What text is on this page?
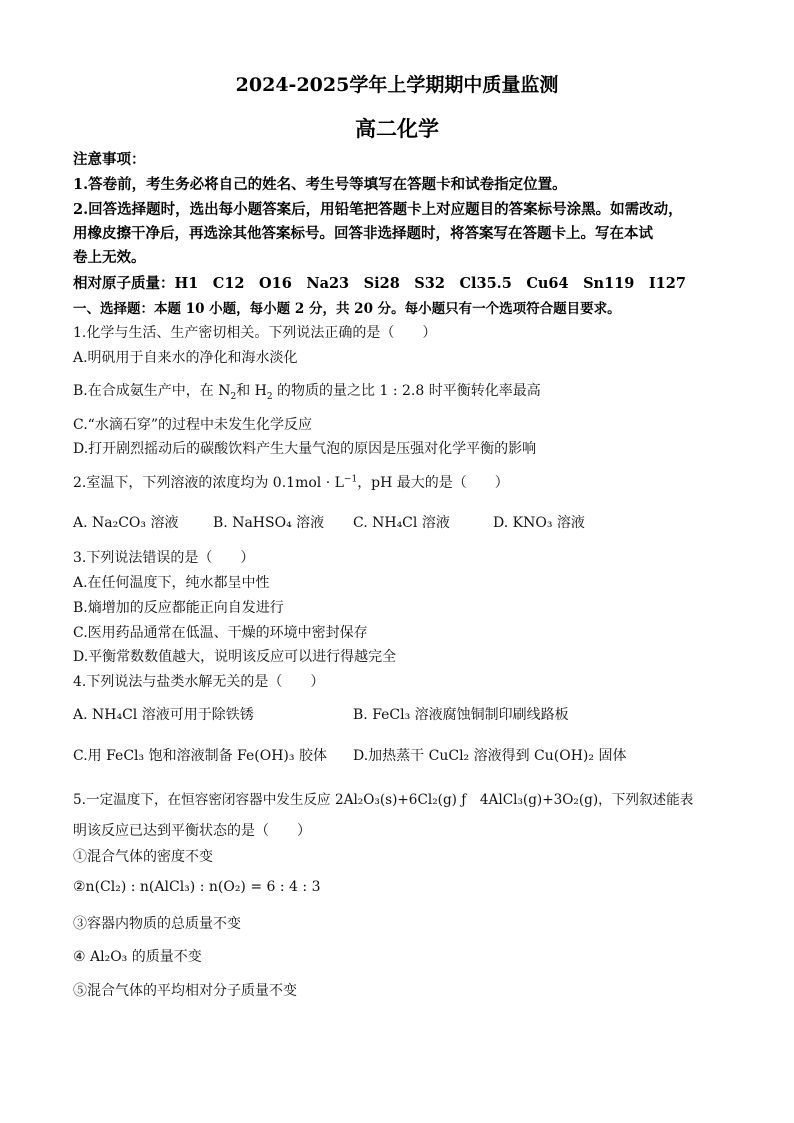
2024-2025学年上学期期中质量监测
高二化学
注意事项：
1.答卷前，考生务必将自己的姓名、考生号等填写在答题卡和试卷指定位置。
2.回答选择题时，选出每小题答案后，用铅笔把答题卡上对应题目的答案标号涂黑。如需改动，
用橡皮擦干净后，再选涂其他答案标号。回答非选择题时，将答案写在答题卡上。写在本试
卷上无效。
相对原子质量：H1　C12　O16　Na23　Si28　S32　Cl35.5　Cu64　Sn119　I127
一、选择题：本题 10 小题，每小题 2 分，共 20 分。每小题只有一个选项符合题目要求。
1.化学与生活、生产密切相关。下列说法正确的是（　　）
A.明矾用于自来水的净化和海水淡化
B.在合成氨生产中，在 $N_2$和 $H_2$ 的物质的量之比 1 : 2.8 时平衡转化率最高
C.“水滴石穿”的过程中未发生化学反应
D.打开剧烈摇动后的碳酸饮料产生大量气泡的原因是压强对化学平衡的影响
2.室温下，下列溶液的浓度均为 $0.1mol \cdot L^{-1}$，pH 最大的是（　　）
A. Na₂CO₃ 溶液 B. NaHSO₄ 溶液 C. NH₄Cl 溶液	D. KNO₃ 溶液
3.下列说法错误的是（　　）
A.在任何温度下，纯水都呈中性
B.熵增加的反应都能正向自发进行
C.医用药品通常在低温、干燥的环境中密封保存
D.平衡常数数值越大，说明该反应可以进行得越完全
4.下列说法与盐类水解无关的是（　　）
A. NH₄Cl 溶液可用于除铁锈	B. FeCl₃ 溶液腐蚀铜制印刷线路板
C.用 FeCl₃ 饱和溶液制备 Fe(OH)₃ 胶体 D.加热蒸干 CuCl₂ 溶液得到 Cu(OH)₂ 固体
5.一定温度下，在恒容密闭容器中发生反应 2Al₂O₃(s)+6Cl₂(g) ƒ　4AlCl₃(g)+3O₂(g)，下列叙述能表
明该反应已达到平衡状态的是（　　）
①混合气体的密度不变
②n(Cl₂) : n(AlCl₃) : n(O₂) = 6 : 4 : 3
③容器内物质的总质量不变
④ Al₂O₃ 的质量不变
⑤混合气体的平均相对分子质量不变
